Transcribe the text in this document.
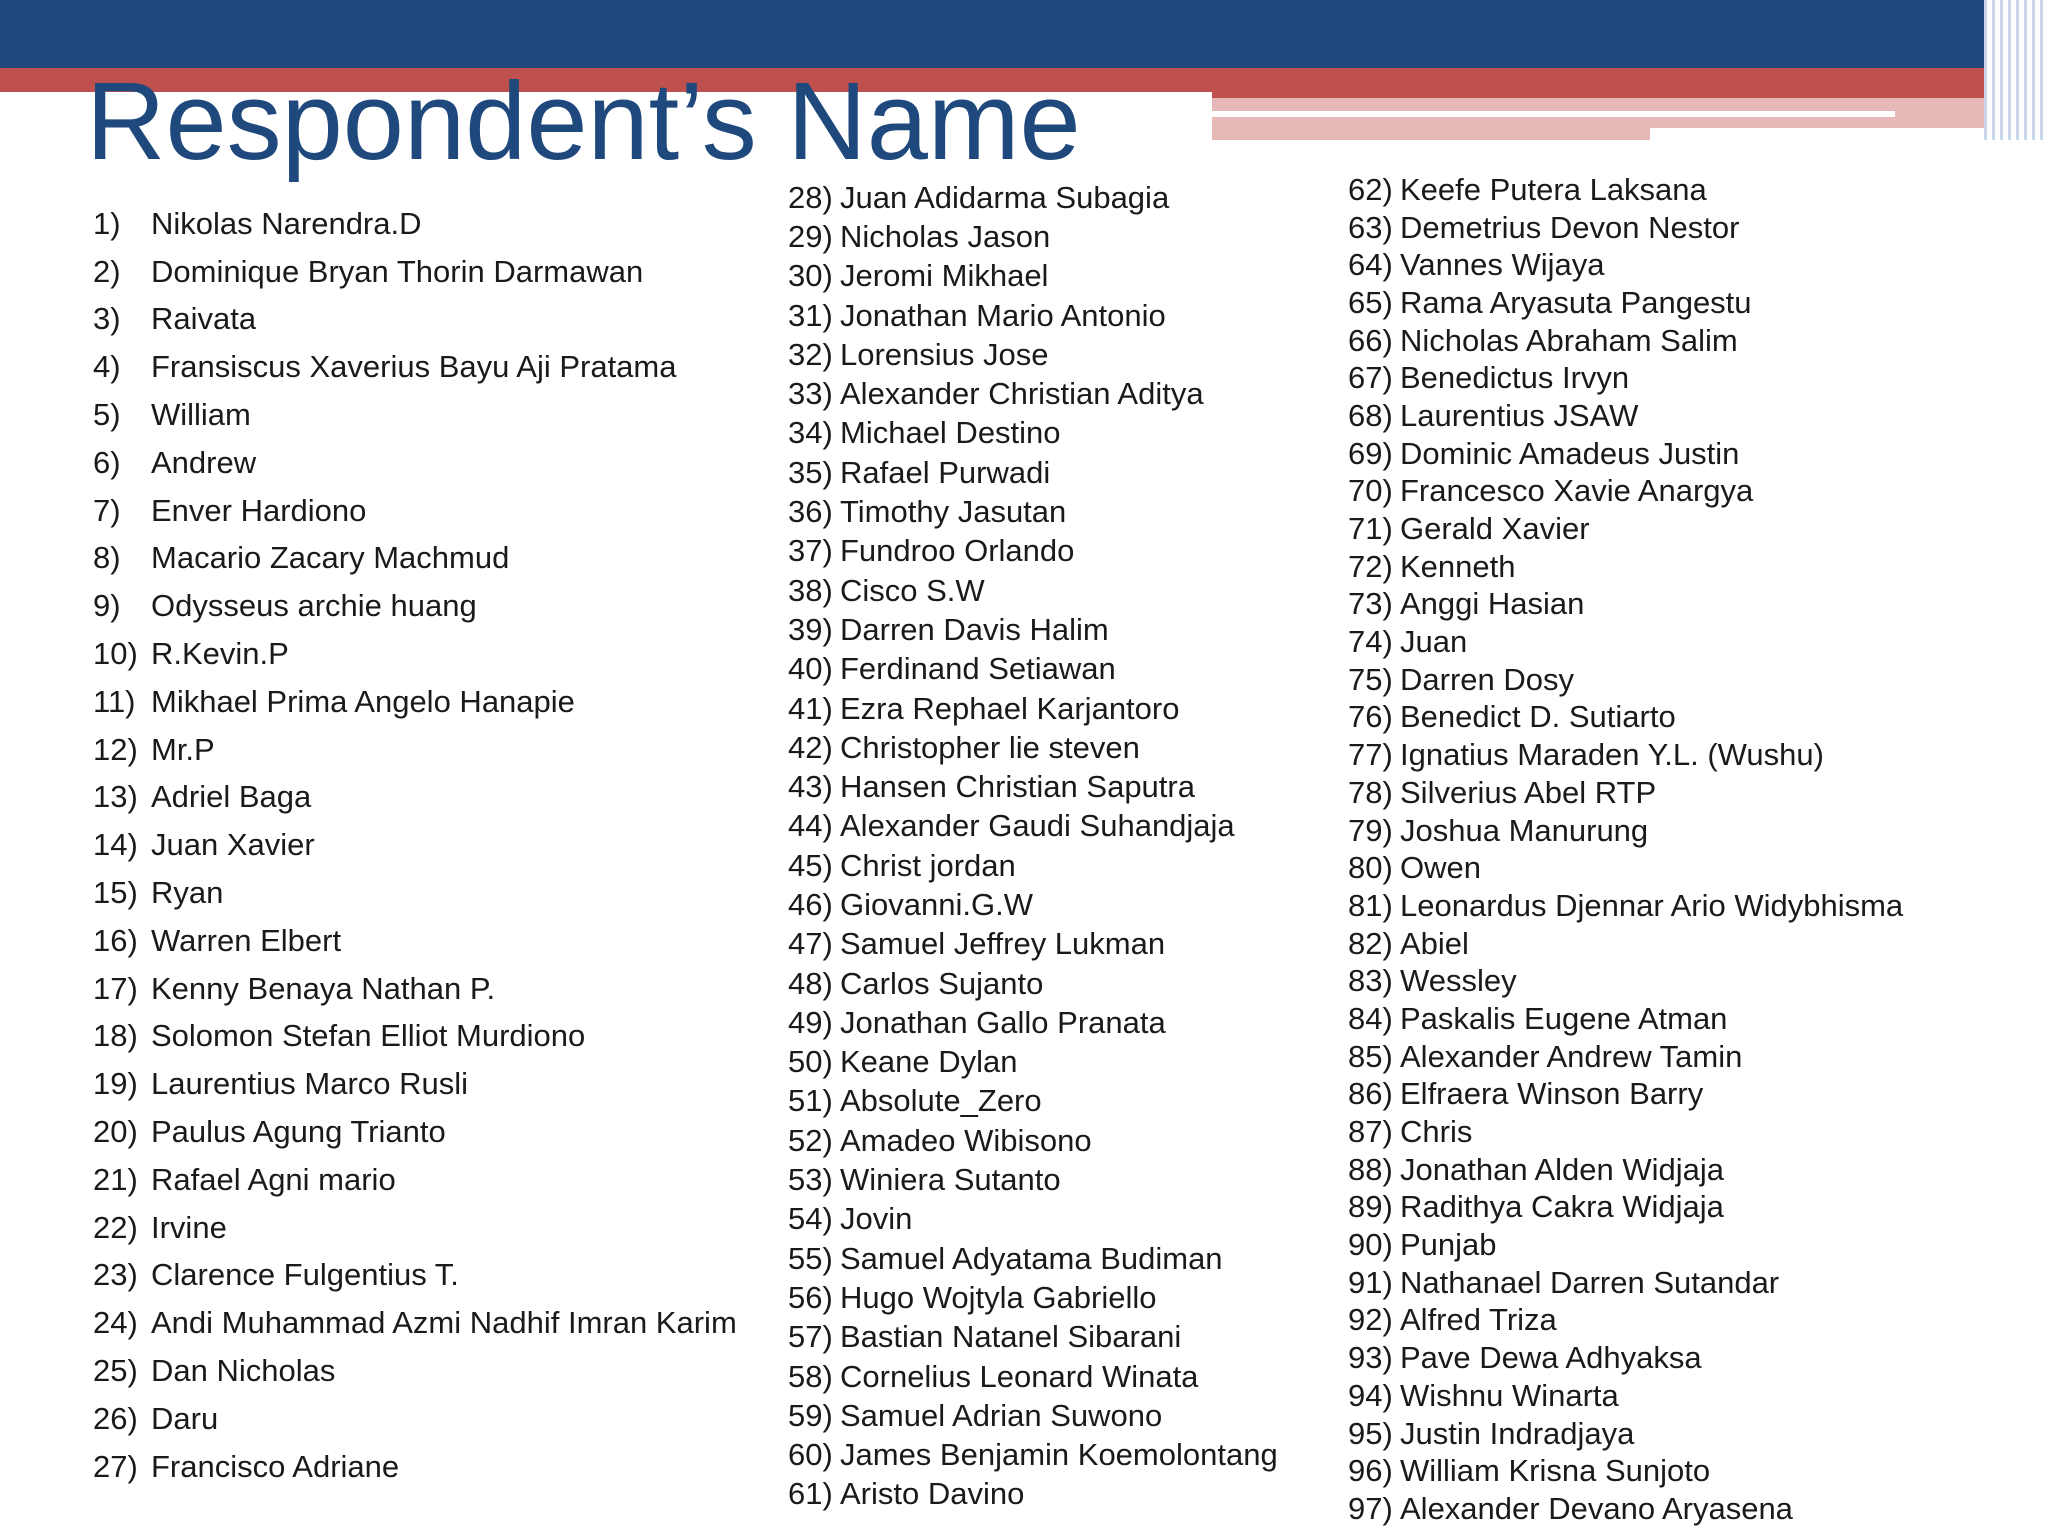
Respondent’s Name
1) Nikolas Narendra.D
2) Dominique Bryan Thorin Darmawan
3) Raivata
4) Fransiscus Xaverius Bayu Aji Pratama
5) William
6) Andrew
7) Enver Hardiono
8) Macario Zacary Machmud
9) Odysseus archie huang
10) R.Kevin.P
11) Mikhael Prima Angelo Hanapie
12) Mr.P
13) Adriel Baga
14) Juan Xavier
15) Ryan
16) Warren Elbert
17) Kenny Benaya Nathan P.
18) Solomon Stefan Elliot Murdiono
19) Laurentius Marco Rusli
20) Paulus Agung Trianto
21) Rafael Agni mario
22) Irvine
23) Clarence Fulgentius T.
24) Andi Muhammad Azmi Nadhif Imran Karim
25) Dan Nicholas
26) Daru
27) Francisco Adriane
28) Juan Adidarma Subagia
29) Nicholas Jason
30) Jeromi Mikhael
31) Jonathan Mario Antonio
32) Lorensius Jose
33) Alexander Christian Aditya
34) Michael Destino
35) Rafael Purwadi
36) Timothy Jasutan
37) Fundroo Orlando
38) Cisco S.W
39) Darren Davis Halim
40) Ferdinand Setiawan
41) Ezra Rephael Karjantoro
42) Christopher lie steven
43) Hansen Christian Saputra
44) Alexander Gaudi Suhandjaja
45) Christ jordan
46) Giovanni.G.W
47) Samuel Jeffrey Lukman
48) Carlos Sujanto
49) Jonathan Gallo Pranata
50) Keane Dylan
51) Absolute_Zero
52) Amadeo Wibisono
53) Winiera Sutanto
54) Jovin
55) Samuel Adyatama Budiman
56) Hugo Wojtyla Gabriello
57) Bastian Natanel Sibarani
58) Cornelius Leonard Winata
59) Samuel Adrian Suwono
60) James Benjamin Koemolontang
61) Aristo Davino
62) Keefe Putera Laksana
63) Demetrius Devon Nestor
64) Vannes Wijaya
65) Rama Aryasuta Pangestu
66) Nicholas Abraham Salim
67) Benedictus Irvyn
68) Laurentius JSAW
69) Dominic Amadeus Justin
70) Francesco Xavie Anargya
71) Gerald Xavier
72) Kenneth
73) Anggi Hasian
74) Juan
75) Darren Dosy
76) Benedict D. Sutiarto
77) Ignatius Maraden Y.L. (Wushu)
78) Silverius Abel RTP
79) Joshua Manurung
80) Owen
81) Leonardus Djennar Ario Widybhisma
82) Abiel
83) Wessley
84) Paskalis Eugene Atman
85) Alexander Andrew Tamin
86) Elfraera Winson Barry
87) Chris
88) Jonathan Alden Widjaja
89) Radithya Cakra Widjaja
90) Punjab
91) Nathanael Darren Sutandar
92) Alfred Triza
93) Pave Dewa Adhyaksa
94) Wishnu Winarta
95) Justin Indradjaya
96) William Krisna Sunjoto
97) Alexander Devano Aryasena
